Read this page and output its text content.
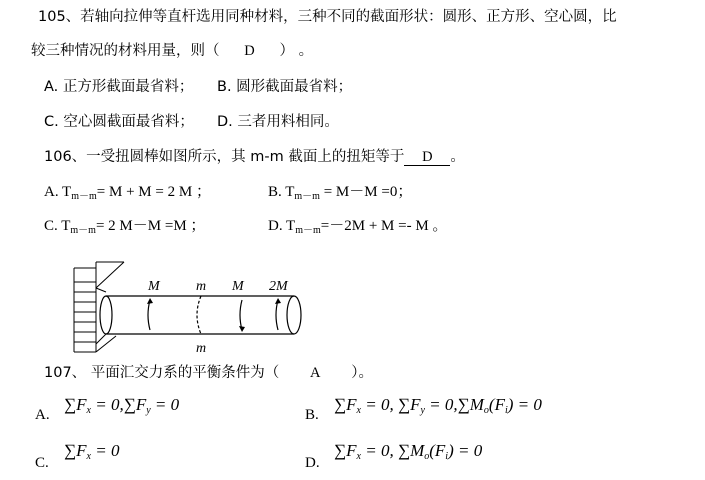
105、若轴向拉伸等直杆选用同种材料，三种不同的截面形状：圆形、正方形、空心圆，比
较三种情况的材料用量，则（ D ） 。
A. 正方形截面最省料； B. 圆形截面最省料；
C. 空心圆截面最省料； D. 三者用料相同。
106、一受扭圆棒如图所示，其 m-m 截面上的扭矩等于 D 。
A. $T_{m-m}= M + M = 2$ M ；	B. $T_{m-m} = M-M =0$；
C. $T_{m-m}= 2$ M－M =M ；	D. $T_{m-m}=-2M + M =- M$ 。
M	m M 2M
m
107、 平面汇交力系的平衡条件为（ A ）。
A.
$\sum F_x = 0,\sum F_y = 0$
B.
$\sum F_x = 0$, $\sum F_y = 0,\sum M_o(F_i) = 0$
C.
$\sum F_x = 0$
D.
$\sum F_x = 0$, $\sum M_o(F_i) = 0$
